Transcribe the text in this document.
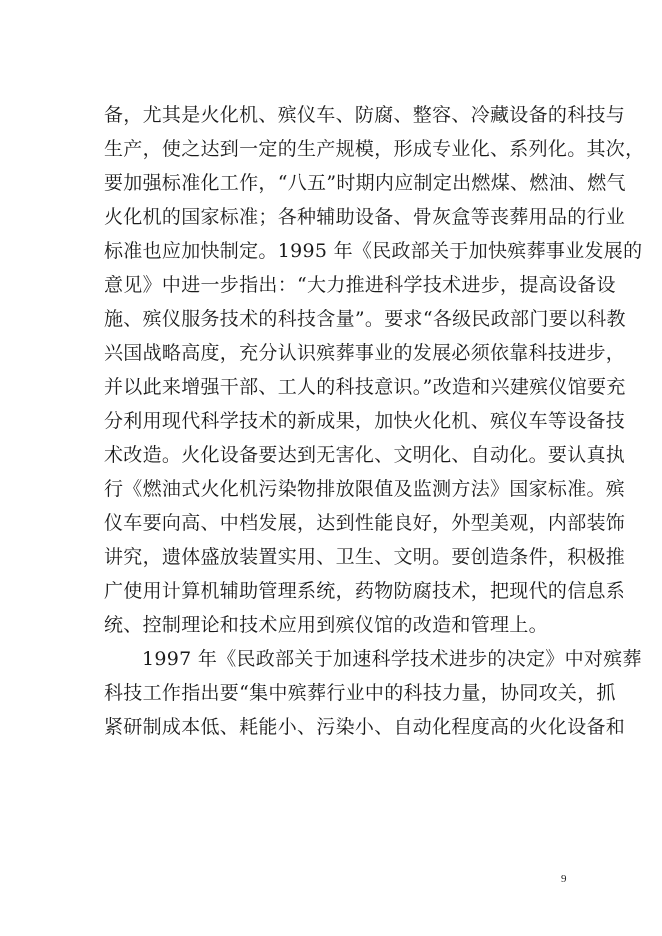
备，尤其是火化机、殡仪车、防腐、整容、冷藏设备的科技与
生产，使之达到一定的生产规模，形成专业化、系列化。其次，
要加强标准化工作，“八五”时期内应制定出燃煤、燃油、燃气
火化机的国家标准；各种辅助设备、骨灰盒等丧葬用品的行业
标准也应加快制定。1995 年《民政部关于加快殡葬事业发展的
意见》中进一步指出：“大力推进科学技术进步，提高设备设
施、殡仪服务技术的科技含量”。要求“各级民政部门要以科教
兴国战略高度，充分认识殡葬事业的发展必须依靠科技进步，
并以此来增强干部、工人的科技意识。”改造和兴建殡仪馆要充
分利用现代科学技术的新成果，加快火化机、殡仪车等设备技
术改造。火化设备要达到无害化、文明化、自动化。要认真执
行《燃油式火化机污染物排放限值及监测方法》国家标准。殡
仪车要向高、中档发展，达到性能良好，外型美观，内部装饰
讲究，遗体盛放装置实用、卫生、文明。要创造条件，积极推
广使用计算机辅助管理系统，药物防腐技术，把现代的信息系
统、控制理论和技术应用到殡仪馆的改造和管理上。
1997 年《民政部关于加速科学技术进步的决定》中对殡葬
科技工作指出要“集中殡葬行业中的科技力量，协同攻关，抓
紧研制成本低、耗能小、污染小、自动化程度高的火化设备和
9
